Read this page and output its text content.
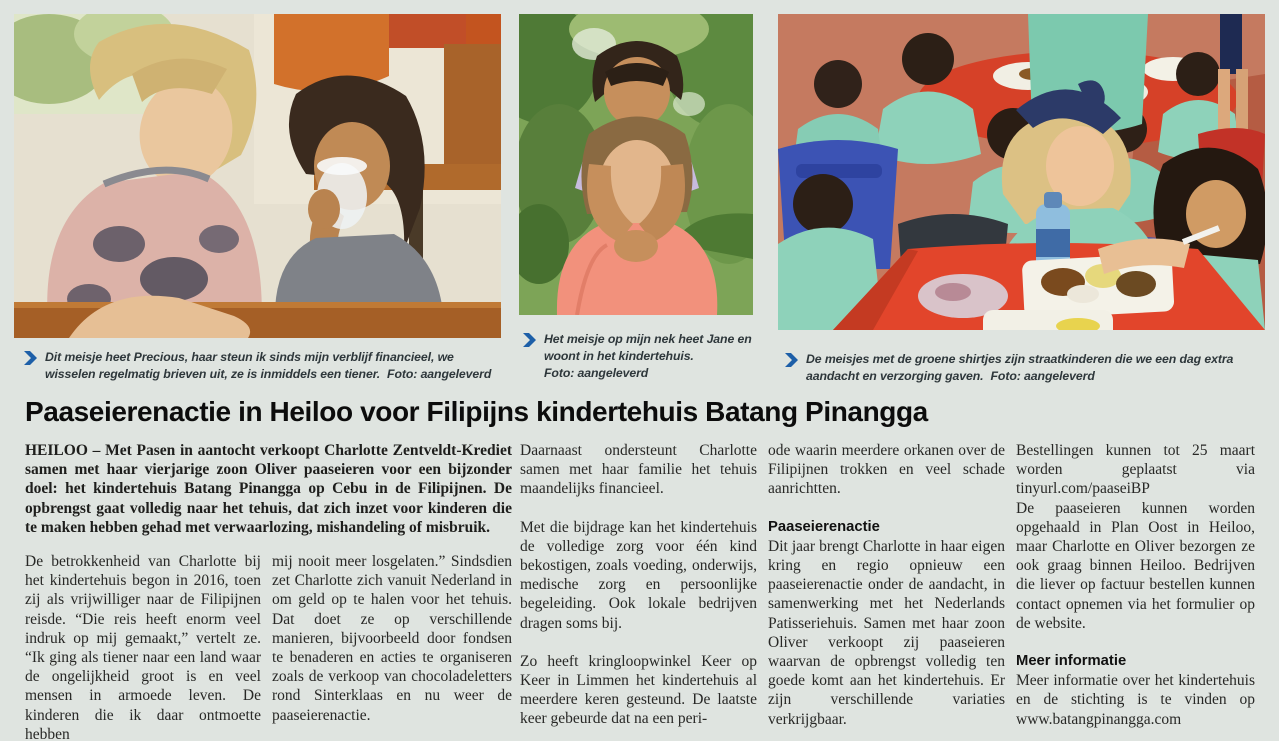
Dit meisje heet Precious, haar steun ik sinds mijn verblijf financieel, we wisselen regelmatig brieven uit, ze is inmiddels een tiener. Foto: aangeleverd
Het meisje op mijn nek heet Jane en woont in het kindertehuis.
Foto: aangeleverd
De meisjes met de groene shirtjes zijn straatkinderen die we een dag extra aandacht en verzorging gaven. Foto: aangeleverd
Paaseierenactie in Heiloo voor Filipijns kindertehuis Batang Pinangga
HEILOO – Met Pasen in aantocht verkoopt Charlotte Zentveldt-Krediet samen met haar vierjarige zoon Oliver paaseieren voor een bijzonder doel: het kindertehuis Batang Pinangga op Cebu in de Filipijnen. De opbrengst gaat volledig naar het tehuis, dat zich inzet voor kinderen die te maken hebben gehad met verwaarlozing, mishandeling of misbruik.

De betrokkenheid van Charlotte bij het kindertehuis begon in 2016, toen zij als vrijwilliger naar de Filipijnen reisde. “Die reis heeft enorm veel indruk op mij gemaakt,” vertelt ze. “Ik ging als tiener naar een land waar de ongelijkheid groot is en veel mensen in armoede leven. De kinderen die ik daar ontmoette hebben

mij nooit meer losgelaten.” Sindsdien zet Charlotte zich vanuit Nederland in om geld op te halen voor het tehuis. Dat doet ze op verschillende manieren, bijvoorbeeld door fondsen te benaderen en acties te organiseren zoals de verkoop van chocoladeletters rond Sinterklaas en nu weer de paaseierenactie.

Daarnaast ondersteunt Charlotte samen met haar familie het tehuis maandelijks financieel.

Met die bijdrage kan het kindertehuis de volledige zorg voor één kind bekostigen, zoals voeding, onderwijs, medische zorg en persoonlijke begeleiding. Ook lokale bedrijven dragen soms bij.

Zo heeft kringloopwinkel Keer op Keer in Limmen het kindertehuis al meerdere keren gesteund. De laatste keer gebeurde dat na een peri-

ode waarin meerdere orkanen over de Filipijnen trokken en veel schade aanrichtten.

Paaseierenactie

Dit jaar brengt Charlotte in haar eigen kring en regio opnieuw een paaseierenactie onder de aandacht, in samenwerking met het Nederlands Patisseriehuis. Samen met haar zoon Oliver verkoopt zij paaseieren waarvan de opbrengst volledig ten goede komt aan het kindertehuis. Er zijn verschillende variaties verkrijgbaar.

Bestellingen kunnen tot 25 maart worden geplaatst via tinyurl.com/paaseiBP

De paaseieren kunnen worden opgehaald in Plan Oost in Heiloo, maar Charlotte en Oliver bezorgen ze ook graag binnen Heiloo. Bedrijven die liever op factuur bestellen kunnen contact opnemen via het formulier op de website.

Meer informatie

Meer informatie over het kindertehuis en de stichting is te vinden op www.batangpinangga.com
